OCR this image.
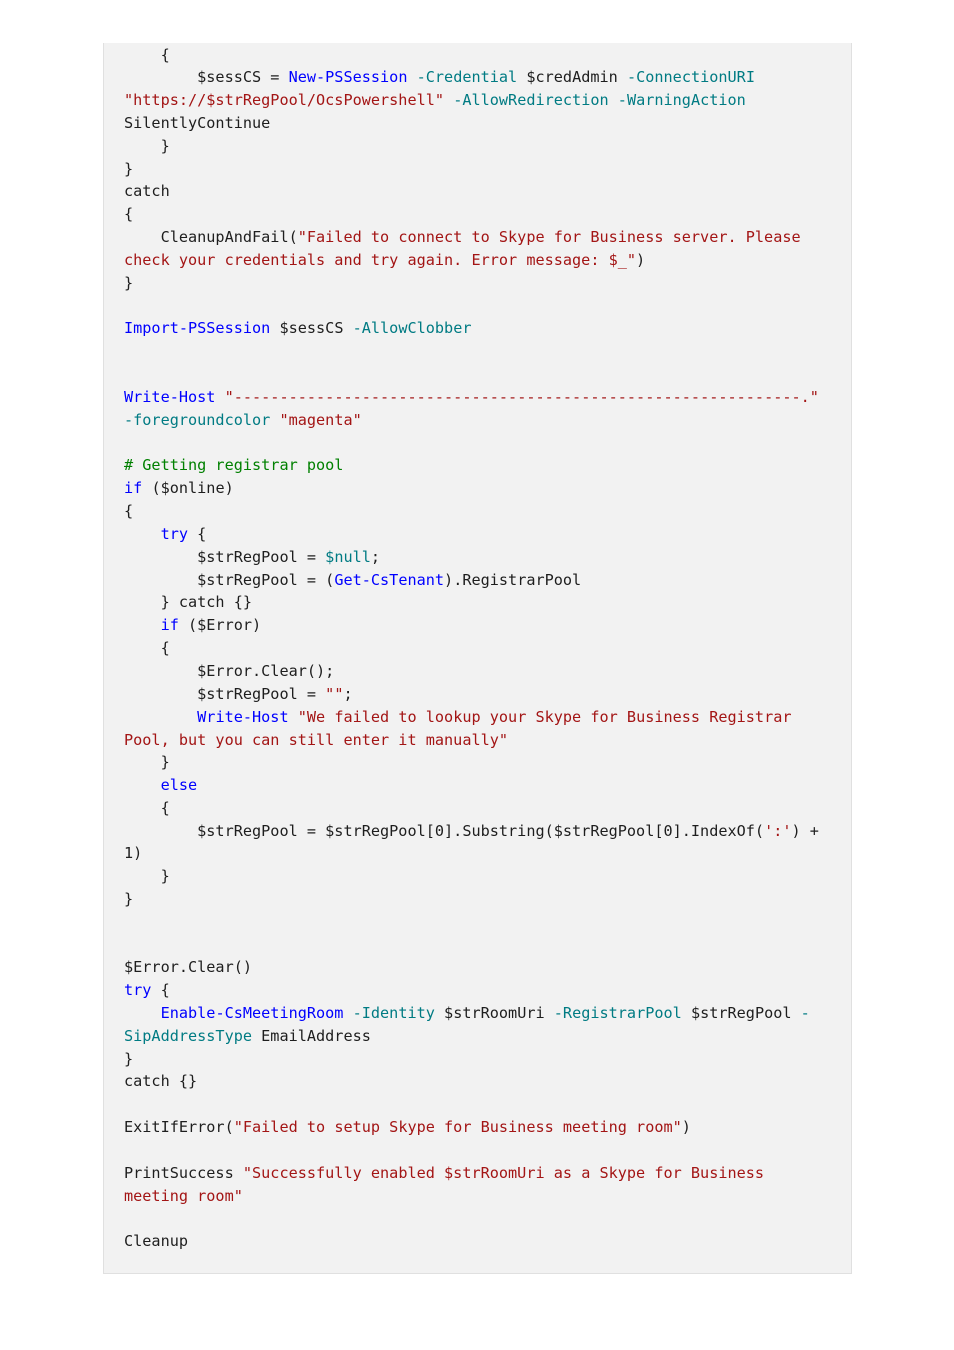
{
$sessCS = New-PSSession -Credential $credAdmin -ConnectionURI
"https://$strRegPool/OcsPowershell" -AllowRedirection -WarningAction
SilentlyContinue
}
}
catch
{
CleanupAndFail("Failed to connect to Skype for Business server. Please
check your credentials and try again. Error message: $_")
}
Import-PSSession $sessCS -AllowClobber
Write-Host "--------------------------------------------------------------."
-foregroundcolor "magenta"
# Getting registrar pool
if ($online)
{
try {
$strRegPool = $null;
$strRegPool = (Get-CsTenant).RegistrarPool
} catch {}
if ($Error)
{
$Error.Clear();
$strRegPool = "";
Write-Host "We failed to lookup your Skype for Business Registrar
Pool, but you can still enter it manually"
}
else
{
$strRegPool = $strRegPool[0].Substring($strRegPool[0].IndexOf(':') +
1)
}
}
$Error.Clear()
try {
Enable-CsMeetingRoom -Identity $strRoomUri -RegistrarPool $strRegPool -
SipAddressType EmailAddress
}
catch {}
ExitIfError("Failed to setup Skype for Business meeting room")
PrintSuccess "Successfully enabled $strRoomUri as a Skype for Business
meeting room"
Cleanup
